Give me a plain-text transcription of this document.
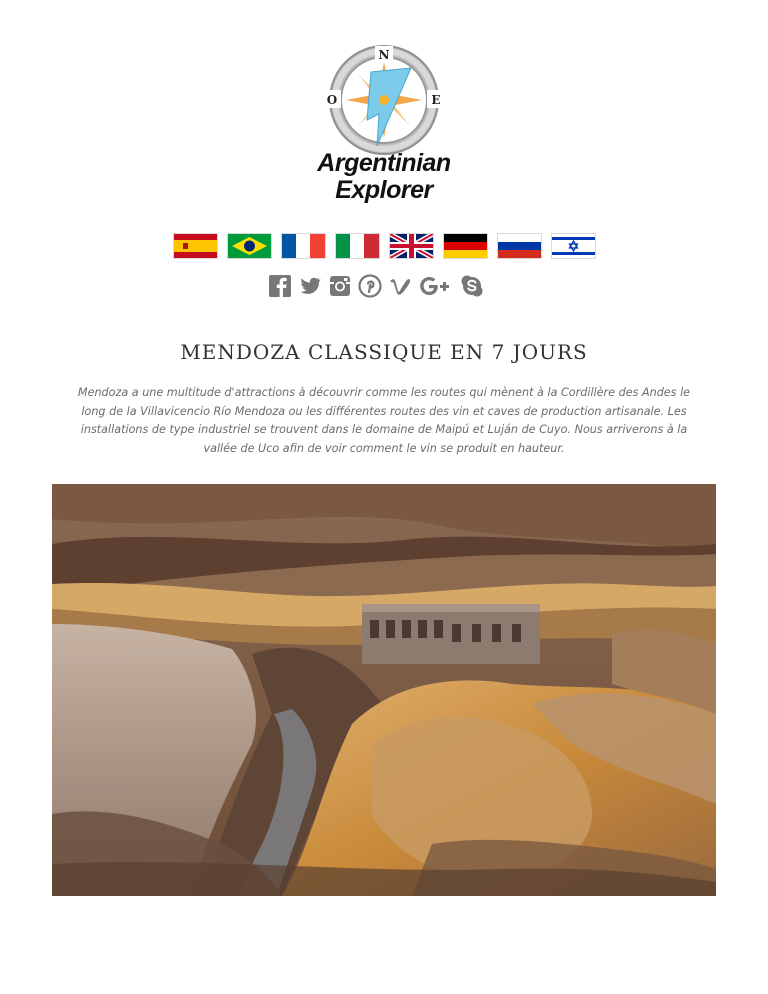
N
O	E
Argentinian
Explorer
MENDOZA CLASSIQUE EN 7 JOURS

Mendoza a une multitude d'attractions à découvrir comme les routes qui mènent à la Cordillère des Andes le long de la Villavicencio Río Mendoza ou les différentes routes des vin et caves de production artisanale. Les installations de type industriel se trouvent dans le domaine de Maipú et Luján de Cuyo. Nous arriverons à la vallée de Uco afin de voir comment le vin se produit en hauteur.
